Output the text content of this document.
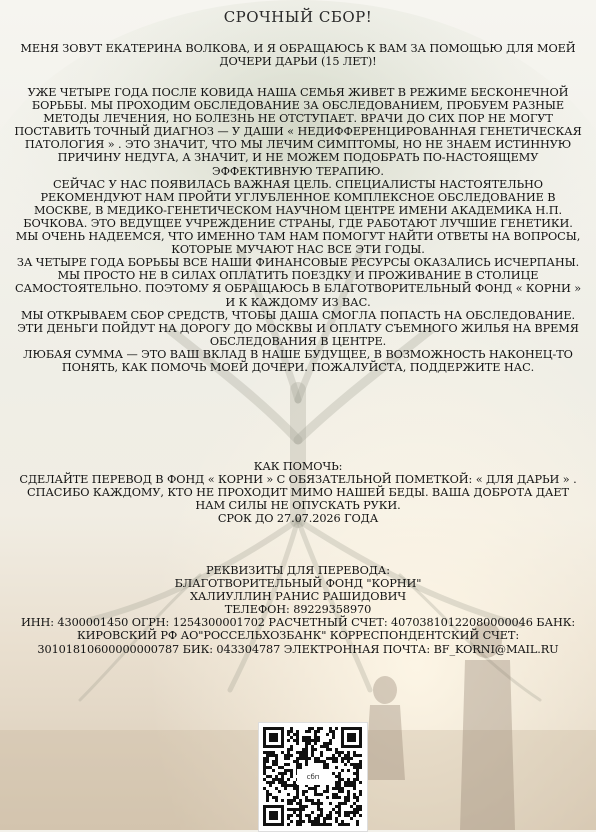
СРОЧНЫЙ СБОР!
МЕНЯ ЗОВУТ ЕКАТЕРИНА ВОЛКОВА, И Я ОБРАЩАЮСЬ К ВАМ ЗА ПОМОЩЬЮ ДЛЯ МОЕЙ ДОЧЕРИ ДАРЬИ (15 ЛЕТ)!

УЖЕ ЧЕТЫРЕ ГОДА ПОСЛЕ КОВИДА НАША СЕМЬЯ ЖИВЕТ В РЕЖИМЕ БЕСКОНЕЧНОЙ БОРЬБЫ. МЫ ПРОХОДИМ ОБСЛЕДОВАНИЕ ЗА ОБСЛЕДОВАНИЕМ, ПРОБУЕМ РАЗНЫЕ МЕТОДЫ ЛЕЧЕНИЯ, НО БОЛЕЗНЬ НЕ ОТСТУПАЕТ. ВРАЧИ ДО СИХ ПОР НЕ МОГУТ ПОСТАВИТЬ ТОЧНЫЙ ДИАГНОЗ — У ДАШИ « НЕДИФФЕРЕНЦИРОВАННАЯ ГЕНЕТИЧЕСКАЯ ПАТОЛОГИЯ » . ЭТО ЗНАЧИТ, ЧТО МЫ ЛЕЧИМ СИМПТОМЫ, НО НЕ ЗНАЕМ ИСТИННУЮ ПРИЧИНУ НЕДУГА, А ЗНАЧИТ, И НЕ МОЖЕМ ПОДОБРАТЬ ПО-НАСТОЯЩЕМУ ЭФФЕКТИВНУЮ ТЕРАПИЮ.

СЕЙЧАС У НАС ПОЯВИЛАСЬ ВАЖНАЯ ЦЕЛЬ. СПЕЦИАЛИСТЫ НАСТОЯТЕЛЬНО РЕКОМЕНДУЮТ НАМ ПРОЙТИ УГЛУБЛЕННОЕ КОМПЛЕКСНОЕ ОБСЛЕДОВАНИЕ В МОСКВЕ, В МЕДИКО-ГЕНЕТИЧЕСКОМ НАУЧНОМ ЦЕНТРЕ ИМЕНИ АКАДЕМИКА Н.П. БОЧКОВА. ЭТО ВЕДУЩЕЕ УЧРЕЖДЕНИЕ СТРАНЫ, ГДЕ РАБОТАЮТ ЛУЧШИЕ ГЕНЕТИКИ. МЫ ОЧЕНЬ НАДЕЕМСЯ, ЧТО ИМЕННО ТАМ НАМ ПОМОГУТ НАЙТИ ОТВЕТЫ НА ВОПРОСЫ, КОТОРЫЕ МУЧАЮТ НАС ВСЕ ЭТИ ГОДЫ.

ЗА ЧЕТЫРЕ ГОДА БОРЬБЫ ВСЕ НАШИ ФИНАНСОВЫЕ РЕСУРСЫ ОКАЗАЛИСЬ ИСЧЕРПАНЫ. МЫ ПРОСТО НЕ В СИЛАХ ОПЛАТИТЬ ПОЕЗДКУ И ПРОЖИВАНИЕ В СТОЛИЦЕ САМОСТОЯТЕЛЬНО. ПОЭТОМУ Я ОБРАЩАЮСЬ В БЛАГОТВОРИТЕЛЬНЫЙ ФОНД « КОРНИ » И К КАЖДОМУ ИЗ ВАС.

МЫ ОТКРЫВАЕМ СБОР СРЕДСТВ, ЧТОБЫ ДАША СМОГЛА ПОПАСТЬ НА ОБСЛЕДОВАНИЕ. ЭТИ ДЕНЬГИ ПОЙДУТ НА ДОРОГУ ДО МОСКВЫ И ОПЛАТУ СЪЕМНОГО ЖИЛЬЯ НА ВРЕМЯ ОБСЛЕДОВАНИЯ В ЦЕНТРЕ.

ЛЮБАЯ СУММА — ЭТО ВАШ ВКЛАД В НАШЕ БУДУЩЕЕ, В ВОЗМОЖНОСТЬ НАКОНЕЦ-ТО ПОНЯТЬ, КАК ПОМОЧЬ МОЕЙ ДОЧЕРИ. ПОЖАЛУЙСТА, ПОДДЕРЖИТЕ НАС.

КАК ПОМОЧЬ:

СДЕЛАЙТЕ ПЕРЕВОД В ФОНД « КОРНИ » С ОБЯЗАТЕЛЬНОЙ ПОМЕТКОЙ: « ДЛЯ ДАРЬИ » . СПАСИБО КАЖДОМУ, КТО НЕ ПРОХОДИТ МИМО НАШЕЙ БЕДЫ. ВАША ДОБРОТА ДАЕТ НАМ СИЛЫ НЕ ОПУСКАТЬ РУКИ.

СРОК ДО 27.07.2026 ГОДА

РЕКВИЗИТЫ ДЛЯ ПЕРЕВОДА:

БЛАГОТВОРИТЕЛЬНЫЙ ФОНД "КОРНИ"

ХАЛИУЛЛИН РАНИС РАШИДОВИЧ

ТЕЛЕФОН: 89229358970

ИНН: 4300001450 ОГРН: 1254300001702 РАСЧЕТНЫЙ СЧЕТ: 40703810122080000046 БАНК: КИРОВСКИЙ РФ АО"РОССЕЛЬХОЗБАНК" КОРРЕСПОНДЕНТСКИЙ СЧЕТ: 30101810600000000787 БИК: 043304787 ЭЛЕКТРОННАЯ ПОЧТА: BF_KORNI@MAIL.RU

сбп
